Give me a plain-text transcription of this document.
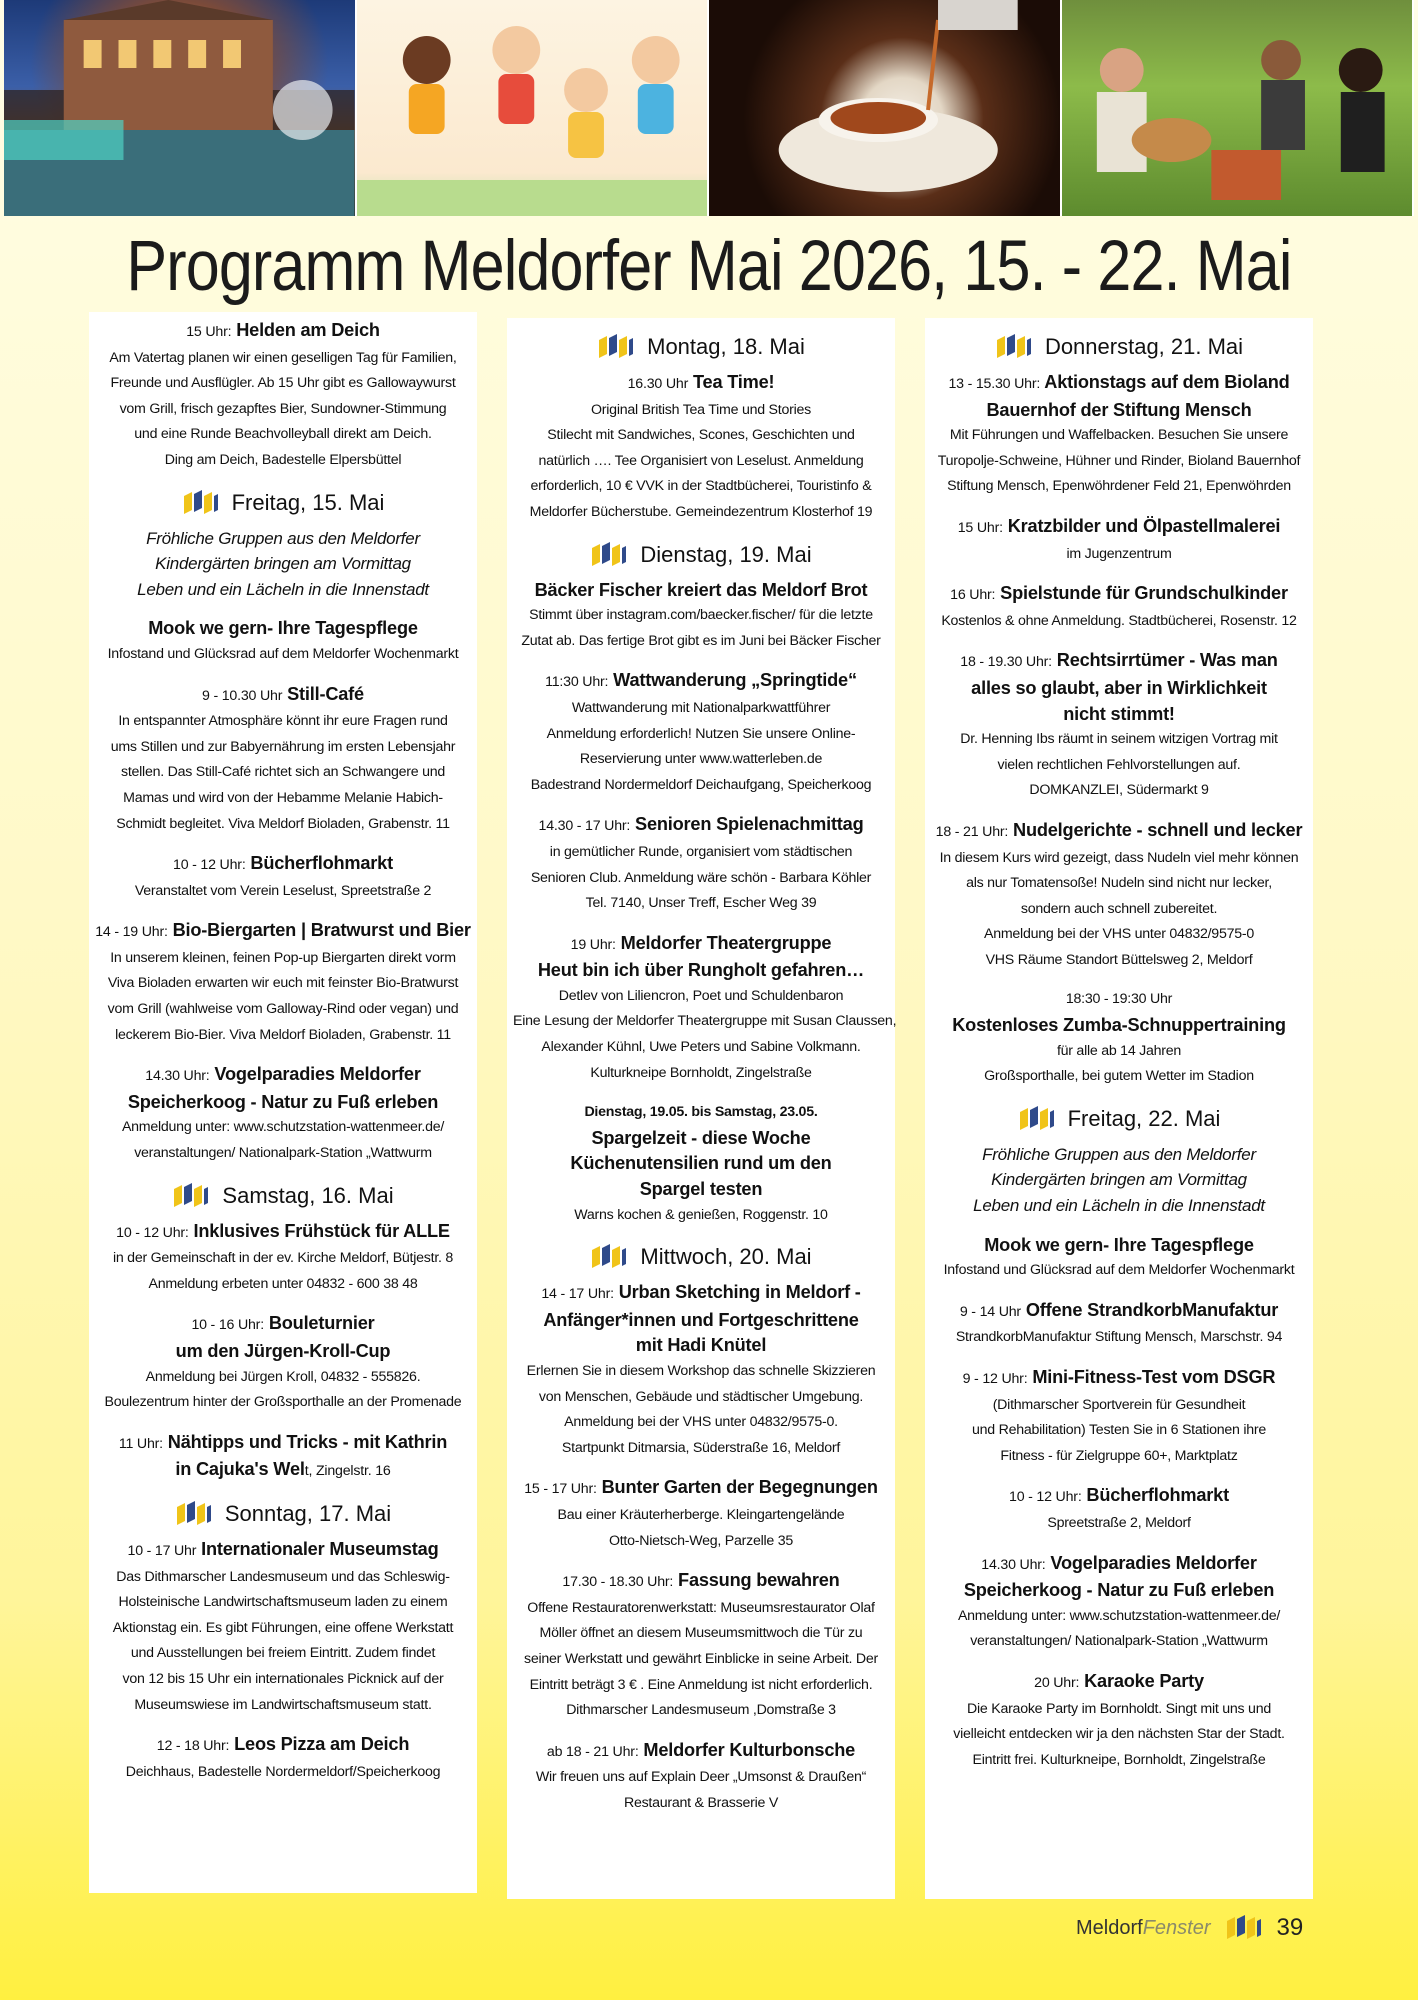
Programm Meldorfer Mai 2026, 15. - 22. Mai
15 Uhr: Helden am Deich

Am Vatertag planen wir einen geselligen Tag für Familien,

Freunde und Ausflügler. Ab 15 Uhr gibt es Gallowaywurst

vom Grill, frisch gezapftes Bier, Sundowner-Stimmung

und eine Runde Beachvolleyball direkt am Deich.

Ding am Deich, Badestelle Elpersbüttel

Freitag, 15. Mai

Fröhliche Gruppen aus den Meldorfer

Kindergärten bringen am Vormittag

Leben und ein Lächeln in die Innenstadt

Mook we gern- Ihre Tagespflege

Infostand und Glücksrad auf dem Meldorfer Wochenmarkt

9 - 10.30 Uhr Still-Café

In entspannter Atmosphäre könnt ihr eure Fragen rund

ums Stillen und zur Babyernährung im ersten Lebensjahr

stellen. Das Still-Café richtet sich an Schwangere und

Mamas und wird von der Hebamme Melanie Habich-

Schmidt begleitet. Viva Meldorf Bioladen, Grabenstr. 11

10 - 12 Uhr: Bücherflohmarkt

Veranstaltet vom Verein Leselust, Spreetstraße 2

14 - 19 Uhr: Bio-Biergarten | Bratwurst und Bier

In unserem kleinen, feinen Pop-up Biergarten direkt vorm

Viva Bioladen erwarten wir euch mit feinster Bio-Bratwurst

vom Grill (wahlweise vom Galloway-Rind oder vegan) und

leckerem Bio-Bier. Viva Meldorf Bioladen, Grabenstr. 11

14.30 Uhr: Vogelparadies Meldorfer
Speicherkoog - Natur zu Fuß erleben

Anmeldung unter: www.schutzstation-wattenmeer.de/

veranstaltungen/ Nationalpark-Station „Wattwurm

Samstag, 16. Mai
10 - 12 Uhr: Inklusives Frühstück für ALLE

in der Gemeinschaft in der ev. Kirche Meldorf, Bütjestr. 8

Anmeldung erbeten unter 04832 - 600 38 48

10 - 16 Uhr: Bouleturnier
um den Jürgen-Kroll-Cup

Anmeldung bei Jürgen Kroll, 04832 - 555826.

Boulezentrum hinter der Großsporthalle an der Promenade

11 Uhr: Nähtipps und Tricks - mit Kathrin
in Cajuka's Welt, Zingelstr. 16
Sonntag, 17. Mai
10 - 17 Uhr Internationaler Museumstag

Das Dithmarscher Landesmuseum und das Schleswig-

Holsteinische Landwirtschaftsmuseum laden zu einem

Aktionstag ein. Es gibt Führungen, eine offene Werkstatt

und Ausstellungen bei freiem Eintritt. Zudem findet

von 12 bis 15 Uhr ein internationales Picknick auf der

Museumswiese im Landwirtschaftsmuseum statt.

12 - 18 Uhr: Leos Pizza am Deich

Deichhaus, Badestelle Nordermeldorf/Speicherkoog

Montag, 18. Mai
16.30 Uhr Tea Time!

Original British Tea Time und Stories

Stilecht mit Sandwiches, Scones, Geschichten und

natürlich …. Tee Organisiert von Leselust. Anmeldung

erforderlich, 10 € VVK in der Stadtbücherei, Touristinfo &

Meldorfer Bücherstube. Gemeindezentrum Klosterhof 19

Dienstag, 19. Mai
Bäcker Fischer kreiert das Meldorf Brot

Stimmt über instagram.com/baecker.fischer/ für die letzte

Zutat ab. Das fertige Brot gibt es im Juni bei Bäcker Fischer

11:30 Uhr: Wattwanderung „Springtide“

Wattwanderung mit Nationalparkwattführer

Anmeldung erforderlich! Nutzen Sie unsere Online-

Reservierung unter www.watterleben.de

Badestrand Nordermeldorf Deichaufgang, Speicherkoog

14.30 - 17 Uhr: Senioren Spielenachmittag

in gemütlicher Runde, organisiert vom städtischen

Senioren Club. Anmeldung wäre schön - Barbara Köhler

Tel. 7140, Unser Treff, Escher Weg 39

19 Uhr: Meldorfer Theatergruppe
Heut bin ich über Rungholt gefahren…

Detlev von Liliencron, Poet und Schuldenbaron

Eine Lesung der Meldorfer Theatergruppe mit Susan Claussen,

Alexander Kühnl, Uwe Peters und Sabine Volkmann.

Kulturkneipe Bornholdt, Zingelstraße

Dienstag, 19.05. bis Samstag, 23.05.

Spargelzeit - diese Woche
Küchenutensilien rund um den
Spargel testen

Warns kochen & genießen, Roggenstr. 10

Mittwoch, 20. Mai
14 - 17 Uhr: Urban Sketching in Meldorf -
Anfänger*innen und Fortgeschrittene
mit Hadi Knütel

Erlernen Sie in diesem Workshop das schnelle Skizzieren

von Menschen, Gebäude und städtischer Umgebung.

Anmeldung bei der VHS unter 04832/9575-0.

Startpunkt Ditmarsia, Süderstraße 16, Meldorf

15 - 17 Uhr: Bunter Garten der Begegnungen

Bau einer Kräuterherberge. Kleingartengelände

Otto-Nietsch-Weg, Parzelle 35

17.30 - 18.30 Uhr: Fassung bewahren

Offene Restauratorenwerkstatt: Museumsrestaurator Olaf

Möller öffnet an diesem Museumsmittwoch die Tür zu

seiner Werkstatt und gewährt Einblicke in seine Arbeit. Der

Eintritt beträgt 3 € . Eine Anmeldung ist nicht erforderlich.

Dithmarscher Landesmuseum ,Domstraße 3

ab 18 - 21 Uhr: Meldorfer Kulturbonsche

Wir freuen uns auf Explain Deer „Umsonst & Draußen“

Restaurant & Brasserie V

Donnerstag, 21. Mai
13 - 15.30 Uhr: Aktionstags auf dem Bioland
Bauernhof der Stiftung Mensch

Mit Führungen und Waffelbacken. Besuchen Sie unsere

Turopolje-Schweine, Hühner und Rinder, Bioland Bauernhof

Stiftung Mensch, Epenwöhrdener Feld 21, Epenwöhrden

15 Uhr: Kratzbilder und Ölpastellmalerei

im Jugenzentrum

16 Uhr: Spielstunde für Grundschulkinder

Kostenlos & ohne Anmeldung. Stadtbücherei, Rosenstr. 12

18 - 19.30 Uhr: Rechtsirrtümer - Was man
alles so glaubt, aber in Wirklichkeit
nicht stimmt!

Dr. Henning Ibs räumt in seinem witzigen Vortrag mit

vielen rechtlichen Fehlvorstellungen auf.

DOMKANZLEI, Südermarkt 9

18 - 21 Uhr: Nudelgerichte - schnell und lecker

In diesem Kurs wird gezeigt, dass Nudeln viel mehr können

als nur Tomatensoße! Nudeln sind nicht nur lecker,

sondern auch schnell zubereitet.

Anmeldung bei der VHS unter 04832/9575-0

VHS Räume Standort Büttelsweg 2, Meldorf

18:30 - 19:30 Uhr

Kostenloses Zumba-Schnuppertraining

für alle ab 14 Jahren

Großsporthalle, bei gutem Wetter im Stadion

Freitag, 22. Mai

Fröhliche Gruppen aus den Meldorfer

Kindergärten bringen am Vormittag

Leben und ein Lächeln in die Innenstadt

Mook we gern- Ihre Tagespflege

Infostand und Glücksrad auf dem Meldorfer Wochenmarkt

9 - 14 Uhr Offene StrandkorbManufaktur

StrandkorbManufaktur Stiftung Mensch, Marschstr. 94

9 - 12 Uhr: Mini-Fitness-Test vom DSGR

(Dithmarscher Sportverein für Gesundheit

und Rehabilitation) Testen Sie in 6 Stationen ihre

Fitness - für Zielgruppe 60+, Marktplatz

10 - 12 Uhr: Bücherflohmarkt

Spreetstraße 2, Meldorf

14.30 Uhr: Vogelparadies Meldorfer
Speicherkoog - Natur zu Fuß erleben

Anmeldung unter: www.schutzstation-wattenmeer.de/

veranstaltungen/ Nationalpark-Station „Wattwurm

20 Uhr: Karaoke Party

Die Karaoke Party im Bornholdt. Singt mit uns und

vielleicht entdecken wir ja den nächsten Star der Stadt.

Eintritt frei. Kulturkneipe, Bornholdt, Zingelstraße

Meldorf Fenster	39
